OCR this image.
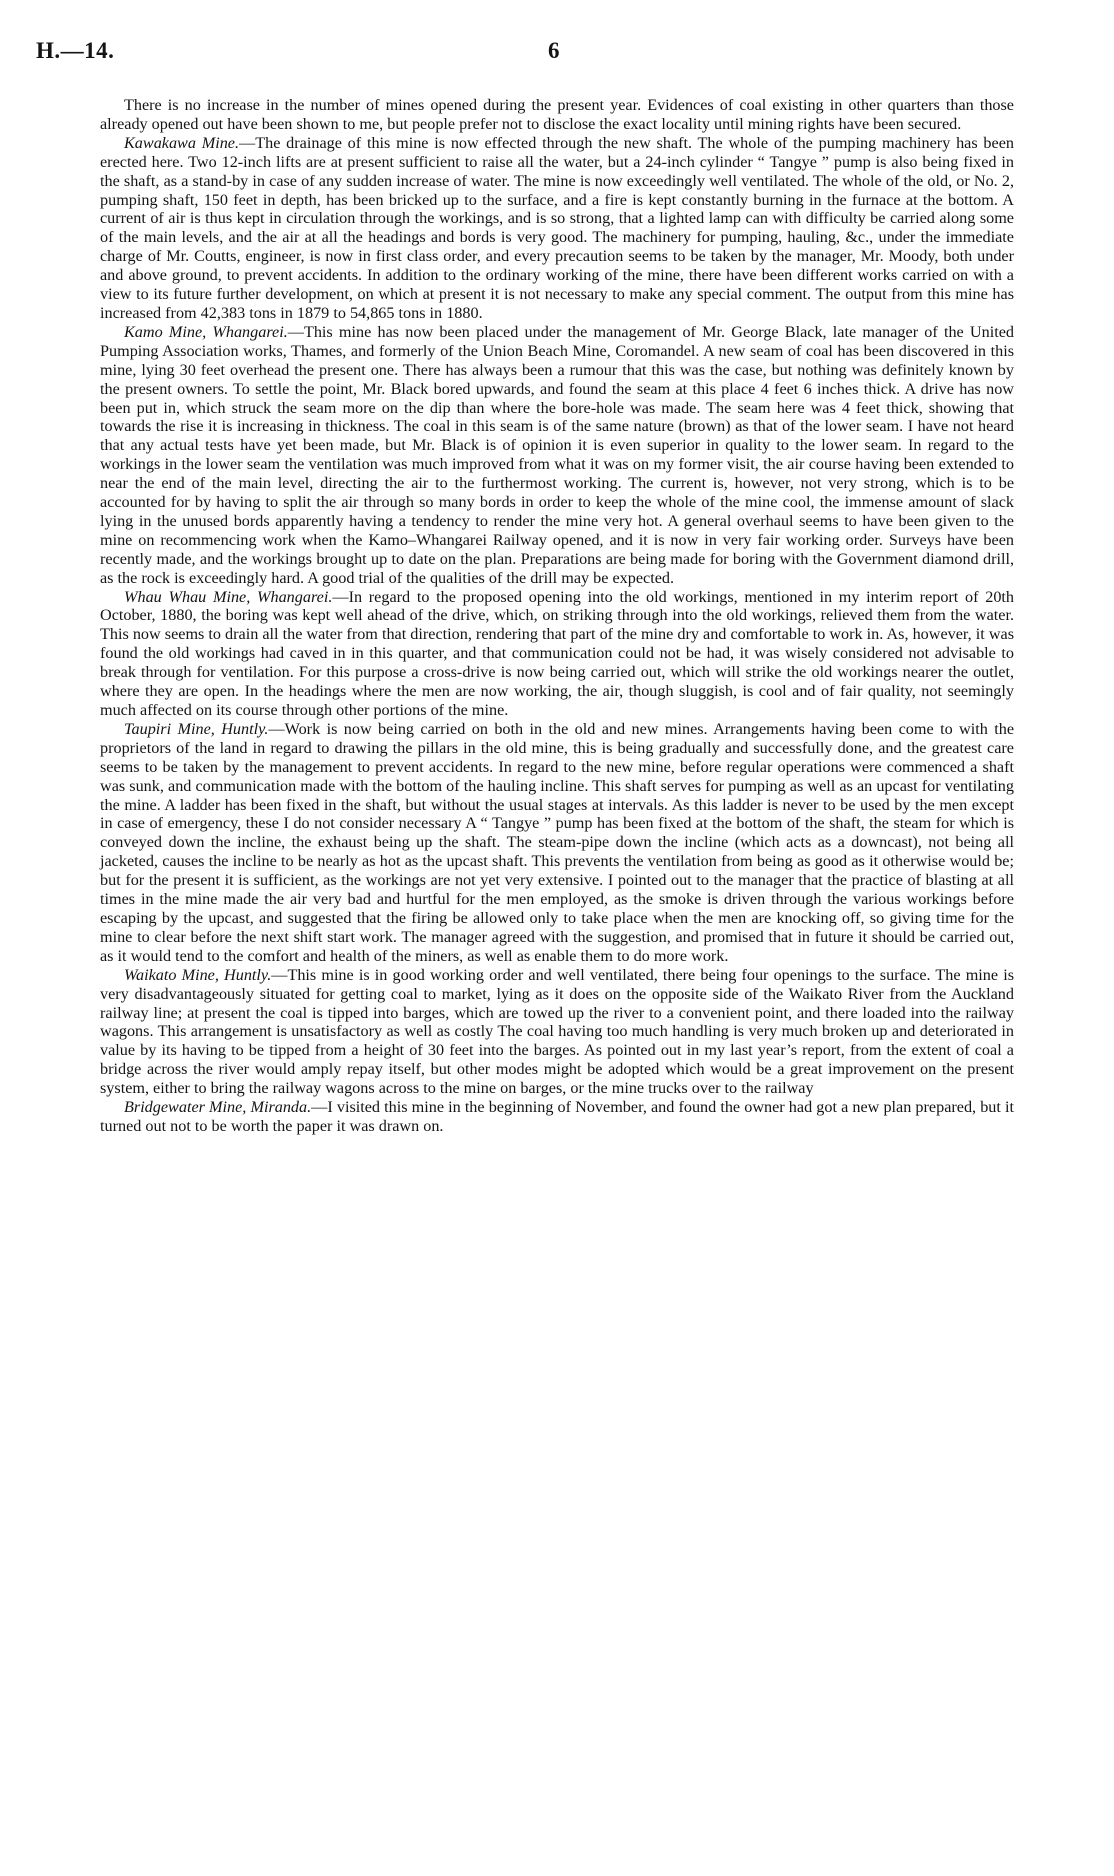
H.—14.	6

There is no increase in the number of mines opened during the present year. Evidences of coal existing in other quarters than those already opened out have been shown to me, but people prefer not to disclose the exact locality until mining rights have been secured.

Kawakawa Mine.—The drainage of this mine is now effected through the new shaft. The whole of the pumping machinery has been erected here. Two 12-inch lifts are at present sufficient to raise all the water, but a 24-inch cylinder “ Tangye ” pump is also being fixed in the shaft, as a stand-by in case of any sudden increase of water. The mine is now exceedingly well ventilated. The whole of the old, or No. 2, pumping shaft, 150 feet in depth, has been bricked up to the surface, and a fire is kept constantly burning in the furnace at the bottom. A current of air is thus kept in circulation through the workings, and is so strong, that a lighted lamp can with difficulty be carried along some of the main levels, and the air at all the headings and bords is very good. The machinery for pumping, hauling, &c., under the immediate charge of Mr. Coutts, engineer, is now in first class order, and every precaution seems to be taken by the manager, Mr. Moody, both under and above ground, to prevent accidents. In addition to the ordinary working of the mine, there have been different works carried on with a view to its future further development, on which at present it is not necessary to make any special comment. The output from this mine has increased from 42,383 tons in 1879 to 54,865 tons in 1880.

Kamo Mine, Whangarei.—This mine has now been placed under the management of Mr. George Black, late manager of the United Pumping Association works, Thames, and formerly of the Union Beach Mine, Coromandel. A new seam of coal has been discovered in this mine, lying 30 feet overhead the present one. There has always been a rumour that this was the case, but nothing was definitely known by the present owners. To settle the point, Mr. Black bored upwards, and found the seam at this place 4 feet 6 inches thick. A drive has now been put in, which struck the seam more on the dip than where the bore-hole was made. The seam here was 4 feet thick, showing that towards the rise it is increasing in thickness. The coal in this seam is of the same nature (brown) as that of the lower seam. I have not heard that any actual tests have yet been made, but Mr. Black is of opinion it is even superior in quality to the lower seam. In regard to the workings in the lower seam the ventilation was much improved from what it was on my former visit, the air course having been extended to near the end of the main level, directing the air to the furthermost working. The current is, however, not very strong, which is to be accounted for by having to split the air through so many bords in order to keep the whole of the mine cool, the immense amount of slack lying in the unused bords apparently having a tendency to render the mine very hot. A general overhaul seems to have been given to the mine on recommencing work when the Kamo–Whangarei Railway opened, and it is now in very fair working order. Surveys have been recently made, and the workings brought up to date on the plan. Preparations are being made for boring with the Government diamond drill, as the rock is exceedingly hard. A good trial of the qualities of the drill may be expected.

Whau Whau Mine, Whangarei.—In regard to the proposed opening into the old workings, mentioned in my interim report of 20th October, 1880, the boring was kept well ahead of the drive, which, on striking through into the old workings, relieved them from the water. This now seems to drain all the water from that direction, rendering that part of the mine dry and comfortable to work in. As, however, it was found the old workings had caved in in this quarter, and that communication could not be had, it was wisely considered not advisable to break through for ventilation. For this purpose a cross-drive is now being carried out, which will strike the old workings nearer the outlet, where they are open. In the headings where the men are now working, the air, though sluggish, is cool and of fair quality, not seemingly much affected on its course through other portions of the mine.

Taupiri Mine, Huntly.—Work is now being carried on both in the old and new mines. Arrangements having been come to with the proprietors of the land in regard to drawing the pillars in the old mine, this is being gradually and successfully done, and the greatest care seems to be taken by the management to prevent accidents. In regard to the new mine, before regular operations were commenced a shaft was sunk, and communication made with the bottom of the hauling incline. This shaft serves for pumping as well as an upcast for ventilating the mine. A ladder has been fixed in the shaft, but without the usual stages at intervals. As this ladder is never to be used by the men except in case of emergency, these I do not consider necessary A “ Tangye ” pump has been fixed at the bottom of the shaft, the steam for which is conveyed down the incline, the exhaust being up the shaft. The steam-pipe down the incline (which acts as a downcast), not being all jacketed, causes the incline to be nearly as hot as the upcast shaft. This prevents the ventilation from being as good as it otherwise would be; but for the present it is sufficient, as the workings are not yet very extensive. I pointed out to the manager that the practice of blasting at all times in the mine made the air very bad and hurtful for the men employed, as the smoke is driven through the various workings before escaping by the upcast, and suggested that the firing be allowed only to take place when the men are knocking off, so giving time for the mine to clear before the next shift start work. The manager agreed with the suggestion, and promised that in future it should be carried out, as it would tend to the comfort and health of the miners, as well as enable them to do more work.

Waikato Mine, Huntly.—This mine is in good working order and well ventilated, there being four openings to the surface. The mine is very disadvantageously situated for getting coal to market, lying as it does on the opposite side of the Waikato River from the Auckland railway line; at present the coal is tipped into barges, which are towed up the river to a convenient point, and there loaded into the railway wagons. This arrangement is unsatisfactory as well as costly The coal having too much handling is very much broken up and deteriorated in value by its having to be tipped from a height of 30 feet into the barges. As pointed out in my last year’s report, from the extent of coal a bridge across the river would amply repay itself, but other modes might be adopted which would be a great improvement on the present system, either to bring the railway wagons across to the mine on barges, or the mine trucks over to the railway

Bridgewater Mine, Miranda.—I visited this mine in the beginning of November, and found the owner had got a new plan prepared, but it turned out not to be worth the paper it was drawn on.
